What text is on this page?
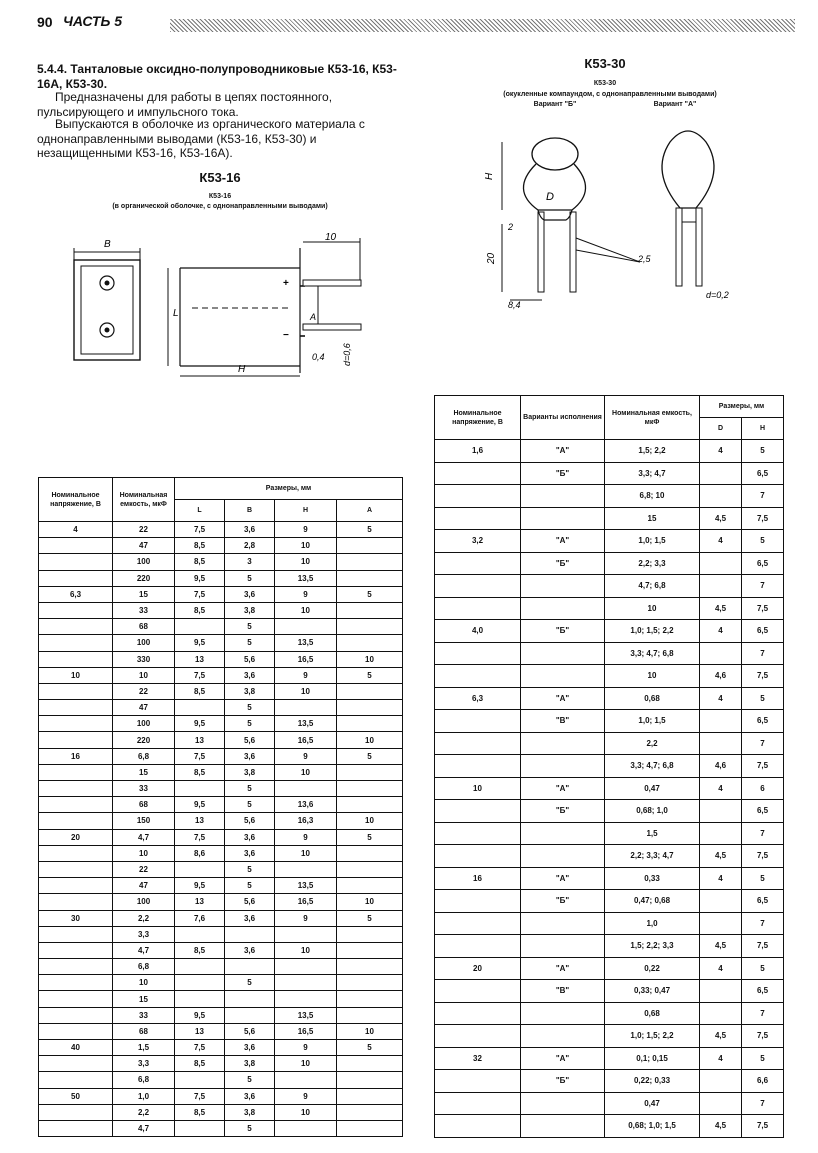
90 ЧАСТЬ 5
5.4.4. Танталовые оксидно-полупроводниковые К53-16, К53-16А, К53-30.
Предназначены для работы в цепях постоянного, пульсирующего и импульсного тока.
Выпускаются в оболочке из органического материала с однонаправленными выводами (К53-16, К53-30) и незащищенными К53-16, К53-16А).
К53-16
К53-16
(в органической оболочке, с однонаправленными выводами)
B
+
−
10
L
H
A
0,4 d=0,6
К53-30
К53-30
(окукленные компаундом, с однонаправленными выводами)
Вариант "Б"	Вариант "А"
H
D
20
2
8,4
2,5
d=0,2
Номинальное напряжение, В	Номинальная емкость, мкФ	Размеры, мм			
		L	B	H	A
4	22	7,5	3,6	9	5
	47	8,5	2,8	10	
	100	8,5	3	10	
	220	9,5	5	13,5	
6,3	15	7,5	3,6	9	5
	33	8,5	3,8	10	
	68		5		
	100	9,5	5	13,5	
	330	13	5,6	16,5	10
10	10	7,5	3,6	9	5
	22	8,5	3,8	10	
	47		5		
	100	9,5	5	13,5	
	220	13	5,6	16,5	10
16	6,8	7,5	3,6	9	5
	15	8,5	3,8	10	
	33		5		
	68	9,5	5	13,6	
	150	13	5,6	16,3	10
20	4,7	7,5	3,6	9	5
	10	8,6	3,6	10	
	22		5		
	47	9,5	5	13,5	
	100	13	5,6	16,5	10
30	2,2	7,6	3,6	9	5
	3,3				
	4,7	8,5	3,6	10	
	6,8				
	10		5		
	15				
	33	9,5		13,5	
	68	13	5,6	16,5	10
40	1,5	7,5	3,6	9	5
	3,3	8,5	3,8	10	
	6,8		5		
50	1,0	7,5	3,6	9	
	2,2	8,5	3,8	10	
	4,7		5		
Номинальное напряжение, В	Варианты исполнения	Номинальная емкость, мкФ	Размеры, мм	
			D	H
1,6	"А"	1,5; 2,2	4	5
	"Б"	3,3; 4,7		6,5
		6,8; 10		7
		15	4,5	7,5
3,2	"А"	1,0; 1,5	4	5
	"Б"	2,2; 3,3		6,5
		4,7; 6,8		7
		10	4,5	7,5
4,0	"Б"	1,0; 1,5; 2,2	4	6,5
		3,3; 4,7; 6,8		7
		10	4,6	7,5
6,3	"А"	0,68	4	5
	"В"	1,0; 1,5		6,5
		2,2		7
		3,3; 4,7; 6,8	4,6	7,5
10	"А"	0,47	4	6
	"Б"	0,68; 1,0		6,5
		1,5		7
		2,2; 3,3; 4,7	4,5	7,5
16	"А"	0,33	4	5
	"Б"	0,47; 0,68		6,5
		1,0		7
		1,5; 2,2; 3,3	4,5	7,5
20	"А"	0,22	4	5
	"В"	0,33; 0,47		6,5
		0,68		7
		1,0; 1,5; 2,2	4,5	7,5
32	"А"	0,1; 0,15	4	5
	"Б"	0,22; 0,33		6,6
		0,47		7
		0,68; 1,0; 1,5	4,5	7,5
